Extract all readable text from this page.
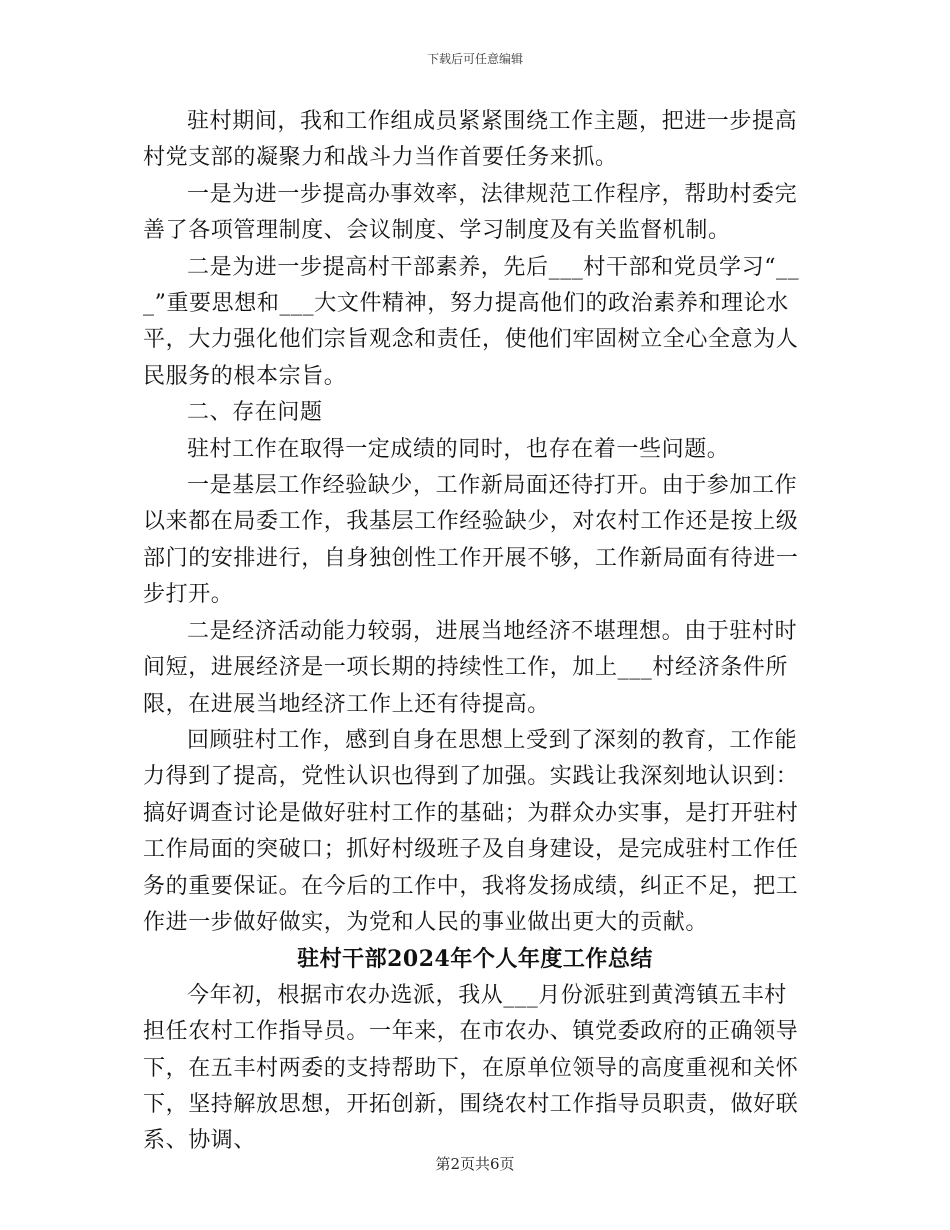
下载后可任意编辑

驻村期间，我和工作组成员紧紧围绕工作主题，把进一步提高村党支部的凝聚力和战斗力当作首要任务来抓。

一是为进一步提高办事效率，法律规范工作程序，帮助村委完善了各项管理制度、会议制度、学习制度及有关监督机制。

二是为进一步提高村干部素养，先后___村干部和党员学习“___”重要思想和___大文件精神，努力提高他们的政治素养和理论水平，大力强化他们宗旨观念和责任，使他们牢固树立全心全意为人民服务的根本宗旨。

二、存在问题

驻村工作在取得一定成绩的同时，也存在着一些问题。

一是基层工作经验缺少，工作新局面还待打开。由于参加工作以来都在局委工作，我基层工作经验缺少，对农村工作还是按上级部门的安排进行，自身独创性工作开展不够，工作新局面有待进一步打开。

二是经济活动能力较弱，进展当地经济不堪理想。由于驻村时间短，进展经济是一项长期的持续性工作，加上___村经济条件所限，在进展当地经济工作上还有待提高。

回顾驻村工作，感到自身在思想上受到了深刻的教育，工作能力得到了提高，党性认识也得到了加强。实践让我深刻地认识到：搞好调查讨论是做好驻村工作的基础；为群众办实事，是打开驻村工作局面的突破口；抓好村级班子及自身建设，是完成驻村工作任务的重要保证。在今后的工作中，我将发扬成绩，纠正不足，把工作进一步做好做实，为党和人民的事业做出更大的贡献。

驻村干部2024年个人年度工作总结

今年初，根据市农办选派，我从___月份派驻到黄湾镇五丰村担任农村工作指导员。一年来，在市农办、镇党委政府的正确领导下，在五丰村两委的支持帮助下，在原单位领导的高度重视和关怀下，坚持解放思想，开拓创新，围绕农村工作指导员职责，做好联系、协调、

第2页共6页
